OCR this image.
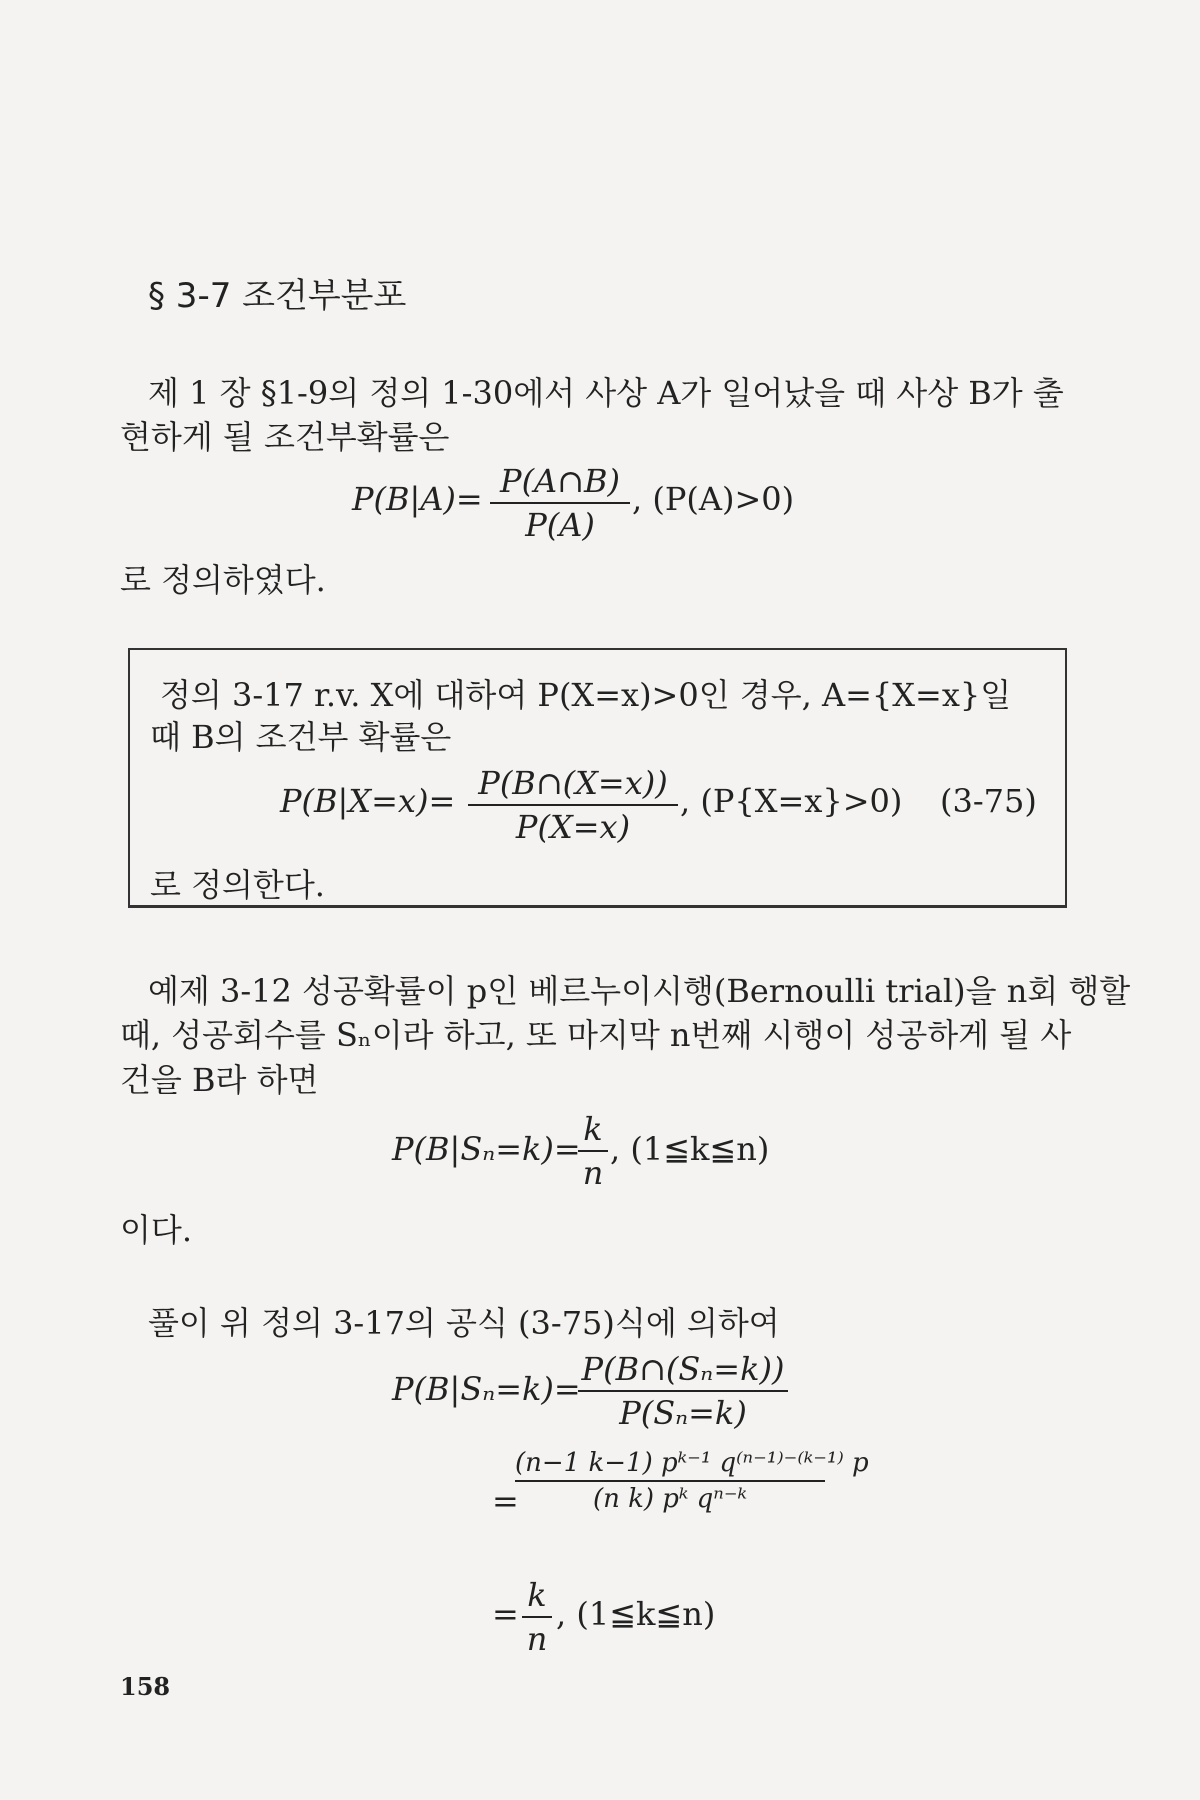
§ 3-7 조건부분포
제 1 장 §1-9의 정의 1-30에서 사상 A가 일어났을 때 사상 B가 출
현하게 될 조건부확률은
P(B|A)= P(A∩B)
P(A)
, (P(A)>0)
로 정의하였다.
정의 3-17 r.v. X에 대하여 P(X=x)>0인 경우, A={X=x}일
때 B의 조건부 확률은
P(B|X=x)= P(B∩(X=x))
P(X=x)
, (P{X=x}>0) (3-75)
로 정의한다.
예제 3-12 성공확률이 p인 베르누이시행(Bernoulli trial)을 n회 행할
때, 성공회수를 Sₙ이라 하고, 또 마지막 n번째 시행이 성공하게 될 사
건을 B라 하면
P(B|Sₙ=k)=
k
n
, (1≦k≦n)
이다.
풀이 위 정의 3-17의 공식 (3-75)식에 의하여
P(B|Sₙ=k)=
P(B∩(Sₙ=k))
P(Sₙ=k)
=
(n−1 k−1) pᵏ⁻¹ q⁽ⁿ⁻¹⁾⁻⁽ᵏ⁻¹⁾ p
(n k) pᵏ qⁿ⁻ᵏ
= k
n
, (1≦k≦n)
158
